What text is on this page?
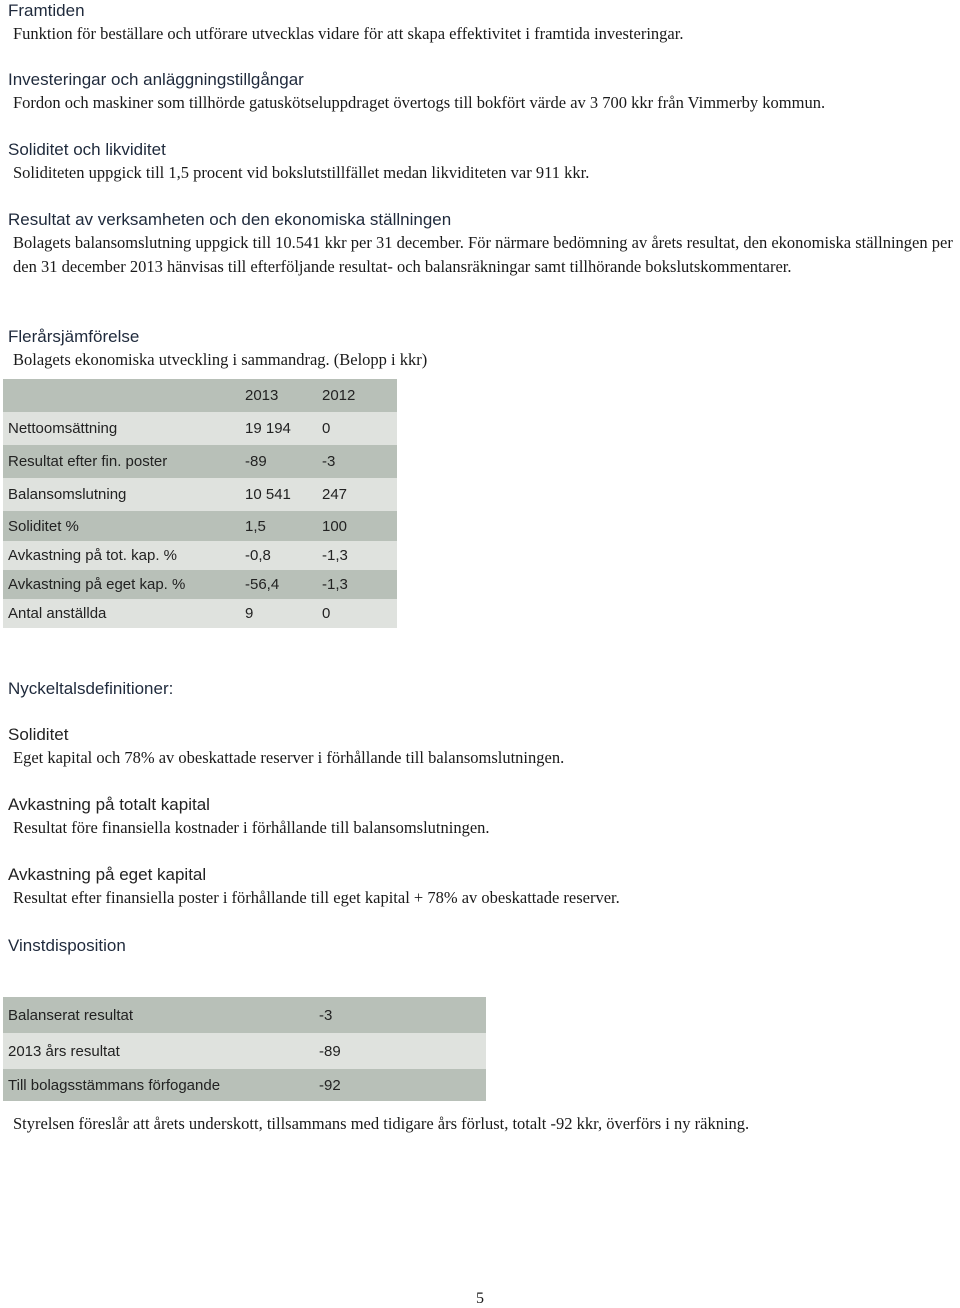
Framtiden

Funktion för beställare och utförare utvecklas vidare för att skapa effektivitet i framtida investeringar.

Investeringar och anläggningstillgångar

Fordon och maskiner som tillhörde gatuskötseluppdraget övertogs till bokfört värde av 3 700 kkr från Vimmerby kommun.

Soliditet och likviditet

Soliditeten uppgick till 1,5 procent vid bokslutstillfället medan likviditeten var 911 kkr.

Resultat av verksamheten och den ekonomiska ställningen

Bolagets balansomslutning uppgick till 10.541 kkr per 31 december. För närmare bedömning av årets resultat, den ekonomiska ställningen per den 31 december 2013 hänvisas till efterföljande resultat- och balansräkningar samt tillhörande bokslutskommentarer.

Flerårsjämförelse

Bolagets ekonomiska utveckling i sammandrag. (Belopp i kkr)

	2013	2012
Nettoomsättning	19 194	0
Resultat efter fin. poster	-89	-3
Balansomslutning	10 541	247
Soliditet %	1,5	100
Avkastning på tot. kap. %	-0,8	-1,3
Avkastning på eget kap. %	-56,4	-1,3
Antal anställda	9	0
Nyckeltalsdefinitioner:
Soliditet

Eget kapital och 78% av obeskattade reserver i förhållande till balansomslutningen.

Avkastning på totalt kapital

Resultat före finansiella kostnader i förhållande till balansomslutningen.

Avkastning på eget kapital

Resultat efter finansiella poster i förhållande till eget kapital + 78% av obeskattade reserver.

Vinstdisposition
Balanserat resultat	-3
2013 års resultat	-89
Till bolagsstämmans förfogande	-92

Styrelsen föreslår att årets underskott, tillsammans med tidigare års förlust, totalt -92 kkr, överförs i ny räkning.

5
